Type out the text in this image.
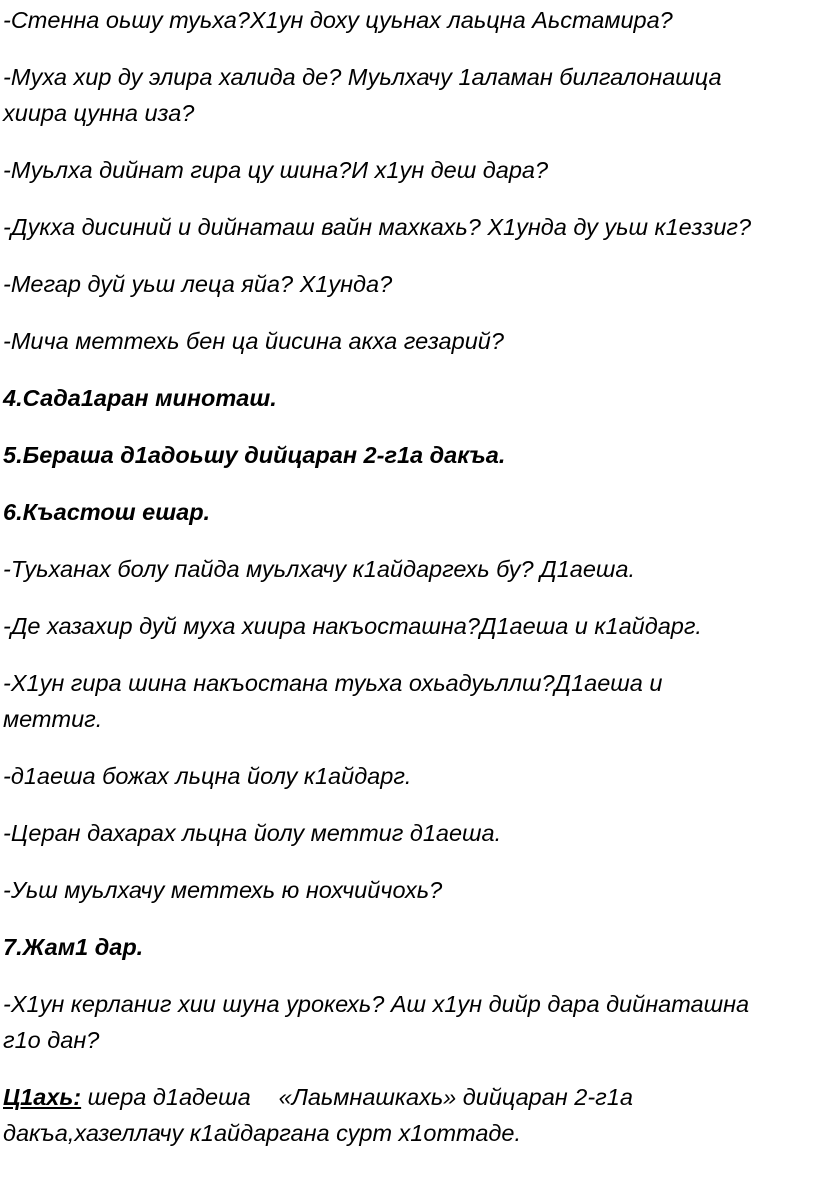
-Стенна оьшу туьха?Х1ун доху цуьнах лаьцна Аьстамира?
-Муха хир ду элира халида де? Муьлхачу 1аламан билгалонашца
хиира цунна иза?
-Муьлха дийнат гира цу шина?И х1ун деш дара?
-Дукха дисиний и дийнаташ вайн махкахь? Х1унда ду уьш к1еззиг?
-Мегар дуй уьш леца яйа? Х1унда?
-Мича меттехь бен ца йисина акха гезарий?
4.Сада1аран миноташ.
5.Бераша д1адоьшу дийцаран 2-г1а дакъа.
6.Къастош ешар.
-Туьханах болу пайда муьлхачу к1айдаргехь бу? Д1аеша.
-Де хазахир дуй муха хиира накъосташна?Д1аеша и к1айдарг.
-Х1ун гира шина накъостана туьха охьадуьллш?Д1аеша и
меттиг.
-д1аеша божах льцна йолу к1айдарг.
-Церан дахарах льцна йолу меттиг д1аеша.
-Уьш муьлхачу меттехь ю нохчийчохь?
7.Жам1 дар.
-Х1ун керланиг хии шуна урокехь? Аш х1ун дийр дара дийнаташна
г1о дан?
Ц1ахь: шера д1адеша «Лаьмнашкахь» дийцаран 2-г1а
дакъа,хазеллачу к1айдаргана сурт х1оттаде.
